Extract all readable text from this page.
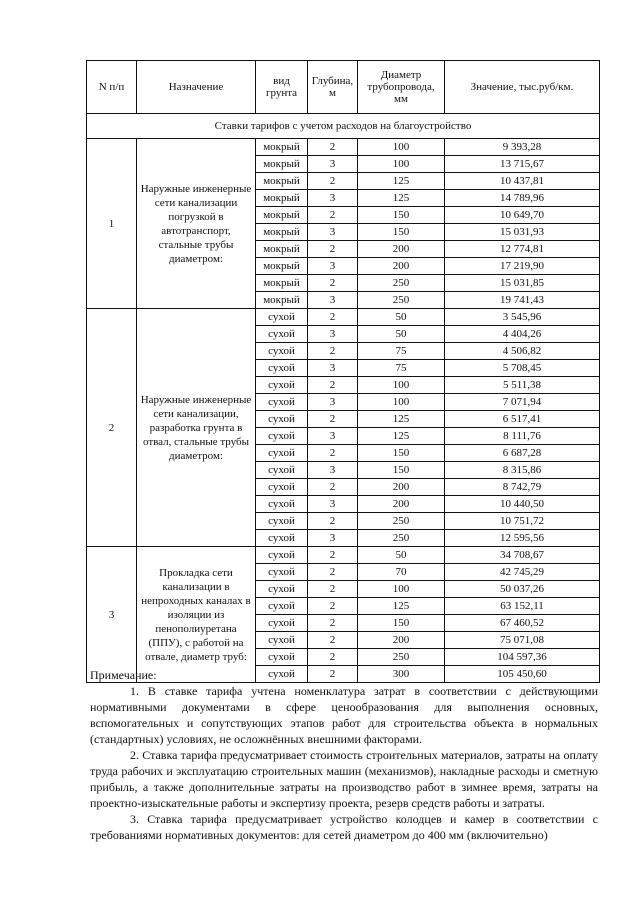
N п/п	Назначение	вид грунта	Глубина, м	Диаметр трубопровода, мм	Значение, тыс.руб/км.
Ставки тарифов с учетом расходов на благоустройство					
1	Наружные инженерные сети канализации погрузкой в автотранспорт, стальные трубы диаметром:	мокрый	2	100	9 393,28
		мокрый	3	100	13 715,67
		мокрый	2	125	10 437,81
		мокрый	3	125	14 789,96
		мокрый	2	150	10 649,70
		мокрый	3	150	15 031,93
		мокрый	2	200	12 774,81
		мокрый	3	200	17 219,90
		мокрый	2	250	15 031,85
		мокрый	3	250	19 741,43
2	Наружные инженерные сети канализации, разработка грунта в отвал, стальные трубы диаметром:	сухой	2	50	3 545,96
		сухой	3	50	4 404,26
		сухой	2	75	4 506,82
		сухой	3	75	5 708,45
		сухой	2	100	5 511,38
		сухой	3	100	7 071,94
		сухой	2	125	6 517,41
		сухой	3	125	8 111,76
		сухой	2	150	6 687,28
		сухой	3	150	8 315,86
		сухой	2	200	8 742,79
		сухой	3	200	10 440,50
		сухой	2	250	10 751,72
		сухой	3	250	12 595,56
3	Прокладка сети канализации в непроходных каналах в изоляции из пенополиуретана (ППУ), с работой на отвале, диаметр труб:	сухой	2	50	34 708,67
		сухой	2	70	42 745,29
		сухой	2	100	50 037,26
		сухой	2	125	63 152,11
		сухой	2	150	67 460,52
		сухой	2	200	75 071,08
		сухой	2	250	104 597,36
		сухой	2	300	105 450,60

Примечание:

1. В ставке тарифа учтена номенклатура затрат в соответствии с действующими нормативными документами в сфере ценообразования для выполнения основных, вспомогательных и сопутствующих этапов работ для строительства объекта в нормальных (стандартных) условиях, не осложнённых внешними факторами.

2. Ставка тарифа предусматривает стоимость строительных материалов, затраты на оплату труда рабочих и эксплуатацию строительных машин (механизмов), накладные расходы и сметную прибыль, а также дополнительные затраты на производство работ в зимнее время, затраты на проектно-изыскательные работы и экспертизу проекта, резерв средств работы и затраты.

3. Ставка тарифа предусматривает устройство колодцев и камер в соответствии с требованиями нормативных документов: для сетей диаметром до 400 мм (включительно)
